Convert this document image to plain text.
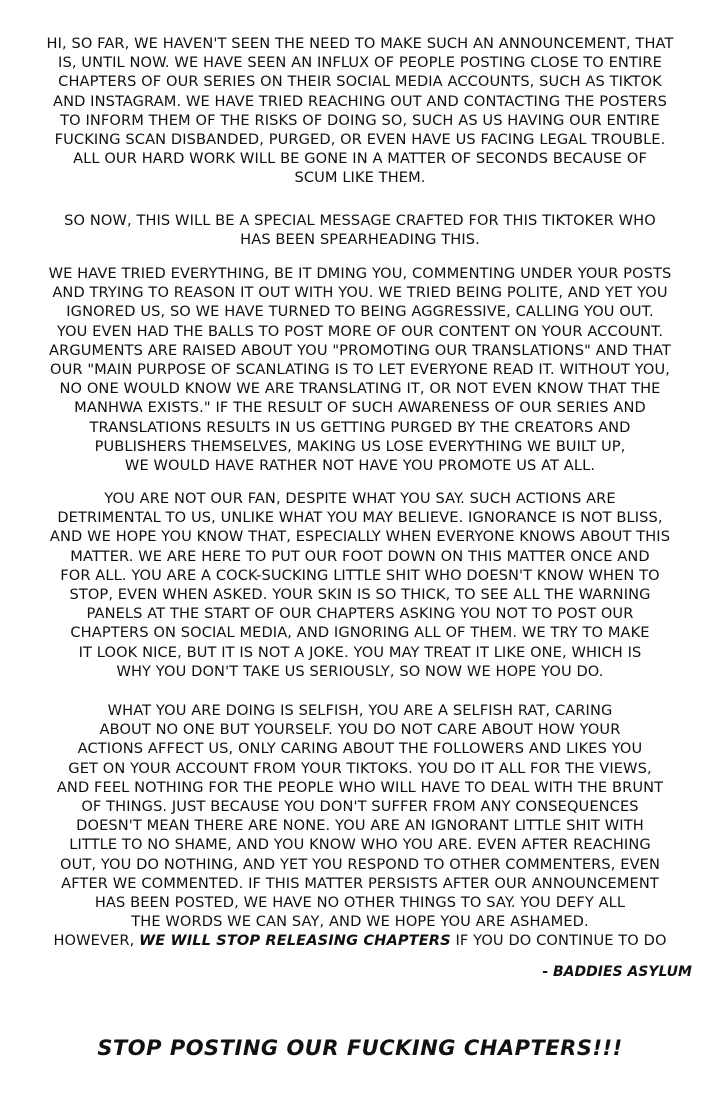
HI, SO FAR, WE HAVEN'T SEEN THE NEED TO MAKE SUCH AN ANNOUNCEMENT, THAT
IS, UNTIL NOW. WE HAVE SEEN AN INFLUX OF PEOPLE POSTING CLOSE TO ENTIRE
CHAPTERS OF OUR SERIES ON THEIR SOCIAL MEDIA ACCOUNTS, SUCH AS TIKTOK
AND INSTAGRAM. WE HAVE TRIED REACHING OUT AND CONTACTING THE POSTERS
TO INFORM THEM OF THE RISKS OF DOING SO, SUCH AS US HAVING OUR ENTIRE
FUCKING SCAN DISBANDED, PURGED, OR EVEN HAVE US FACING LEGAL TROUBLE.
ALL OUR HARD WORK WILL BE GONE IN A MATTER OF SECONDS BECAUSE OF
SCUM LIKE THEM.
SO NOW, THIS WILL BE A SPECIAL MESSAGE CRAFTED FOR THIS TIKTOKER WHO
HAS BEEN SPEARHEADING THIS.
WE HAVE TRIED EVERYTHING, BE IT DMING YOU, COMMENTING UNDER YOUR POSTS
AND TRYING TO REASON IT OUT WITH YOU. WE TRIED BEING POLITE, AND YET YOU
IGNORED US, SO WE HAVE TURNED TO BEING AGGRESSIVE, CALLING YOU OUT.
YOU EVEN HAD THE BALLS TO POST MORE OF OUR CONTENT ON YOUR ACCOUNT.
ARGUMENTS ARE RAISED ABOUT YOU "PROMOTING OUR TRANSLATIONS" AND THAT
OUR "MAIN PURPOSE OF SCANLATING IS TO LET EVERYONE READ IT. WITHOUT YOU,
NO ONE WOULD KNOW WE ARE TRANSLATING IT, OR NOT EVEN KNOW THAT THE
MANHWA EXISTS." IF THE RESULT OF SUCH AWARENESS OF OUR SERIES AND
TRANSLATIONS RESULTS IN US GETTING PURGED BY THE CREATORS AND
PUBLISHERS THEMSELVES, MAKING US LOSE EVERYTHING WE BUILT UP,
WE WOULD HAVE RATHER NOT HAVE YOU PROMOTE US AT ALL.
YOU ARE NOT OUR FAN, DESPITE WHAT YOU SAY. SUCH ACTIONS ARE
DETRIMENTAL TO US, UNLIKE WHAT YOU MAY BELIEVE. IGNORANCE IS NOT BLISS,
AND WE HOPE YOU KNOW THAT, ESPECIALLY WHEN EVERYONE KNOWS ABOUT THIS
MATTER. WE ARE HERE TO PUT OUR FOOT DOWN ON THIS MATTER ONCE AND
FOR ALL. YOU ARE A COCK-SUCKING LITTLE SHIT WHO DOESN'T KNOW WHEN TO
STOP, EVEN WHEN ASKED. YOUR SKIN IS SO THICK, TO SEE ALL THE WARNING
PANELS AT THE START OF OUR CHAPTERS ASKING YOU NOT TO POST OUR
CHAPTERS ON SOCIAL MEDIA, AND IGNORING ALL OF THEM. WE TRY TO MAKE
IT LOOK NICE, BUT IT IS NOT A JOKE. YOU MAY TREAT IT LIKE ONE, WHICH IS
WHY YOU DON'T TAKE US SERIOUSLY, SO NOW WE HOPE YOU DO.
WHAT YOU ARE DOING IS SELFISH, YOU ARE A SELFISH RAT, CARING
ABOUT NO ONE BUT YOURSELF. YOU DO NOT CARE ABOUT HOW YOUR
ACTIONS AFFECT US, ONLY CARING ABOUT THE FOLLOWERS AND LIKES YOU
GET ON YOUR ACCOUNT FROM YOUR TIKTOKS. YOU DO IT ALL FOR THE VIEWS,
AND FEEL NOTHING FOR THE PEOPLE WHO WILL HAVE TO DEAL WITH THE BRUNT
OF THINGS. JUST BECAUSE YOU DON'T SUFFER FROM ANY CONSEQUENCES
DOESN'T MEAN THERE ARE NONE. YOU ARE AN IGNORANT LITTLE SHIT WITH
LITTLE TO NO SHAME, AND YOU KNOW WHO YOU ARE. EVEN AFTER REACHING
OUT, YOU DO NOTHING, AND YET YOU RESPOND TO OTHER COMMENTERS, EVEN
AFTER WE COMMENTED. IF THIS MATTER PERSISTS AFTER OUR ANNOUNCEMENT
HAS BEEN POSTED, WE HAVE NO OTHER THINGS TO SAY. YOU DEFY ALL
THE WORDS WE CAN SAY, AND WE HOPE YOU ARE ASHAMED.
HOWEVER, WE WILL STOP RELEASING CHAPTERS IF YOU DO CONTINUE TO DO

- BADDIES ASYLUM

STOP POSTING OUR FUCKING CHAPTERS!!!
